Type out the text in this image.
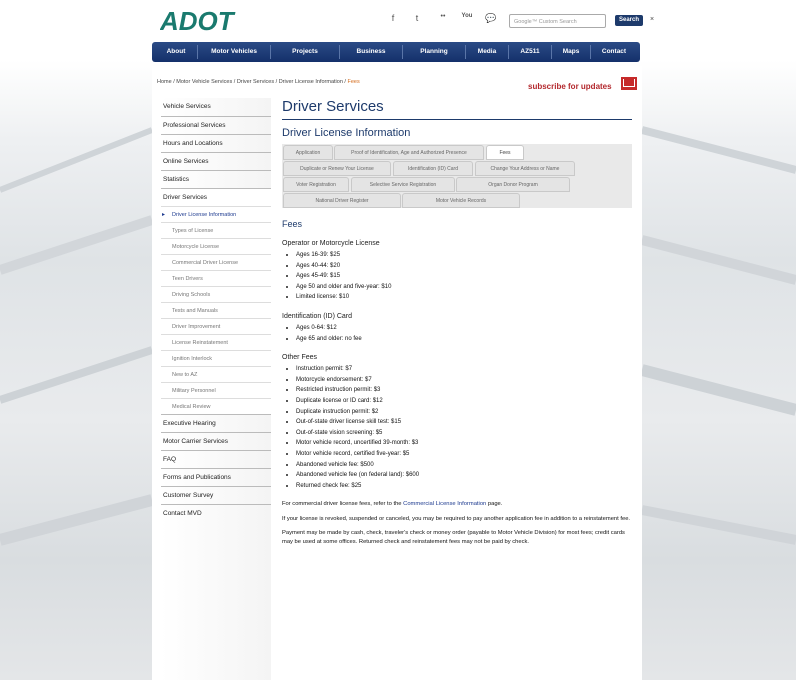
ADOT	f	t	••	You 💬	Google™ Custom Search	Search	×
About	Motor Vehicles	Projects	Business	Planning	Media	AZ511	Maps	Contact
Home / Motor Vehicle Services / Driver Services / Driver License Information / Fees	subscribe for updates
Vehicle Services
Professional Services
Hours and Locations
Online Services
Statistics
Driver Services
▸ Driver License Information
Types of License
Motorcycle License
Commercial Driver License
Teen Drivers
Driving Schools
Tests and Manuals
Driver Improvement
License Reinstatement
Ignition Interlock
New to AZ
Military Personnel
Medical Review
Executive Hearing
Motor Carrier Services
FAQ
Forms and Publications
Customer Survey
Contact MVD
Driver Services
Driver License Information
Application	Proof of Identification, Age and Authorized Presence	Fees
Duplicate or Renew Your License	Identification (ID) Card	Change Your Address or Name
Voter Registration	Selective Service Registration	Organ Donor Program
National Driver Register	Motor Vehicle Records
Fees
Operator or Motorcycle License
Ages 16-39: $25
Ages 40-44: $20
Ages 45-49: $15
Age 50 and older and five-year: $10
Limited license: $10
Identification (ID) Card
Ages 0-64: $12
Age 65 and older: no fee
Other Fees
Instruction permit: $7
Motorcycle endorsement: $7
Restricted instruction permit: $3
Duplicate license or ID card: $12
Duplicate instruction permit: $2
Out-of-state driver license skill test: $15
Out-of-state vision screening: $5
Motor vehicle record, uncertified 39-month: $3
Motor vehicle record, certified five-year: $5
Abandoned vehicle fee: $500
Abandoned vehicle fee (on federal land): $600
Returned check fee: $25
For commercial driver license fees, refer to the Commercial License Information page.
If your license is revoked, suspended or canceled, you may be required to pay another application fee in addition to a reinstatement fee.
Payment may be made by cash, check, traveler's check or money order (payable to Motor Vehicle Division) for most fees; credit cards may be used at some offices. Returned check and reinstatement fees may not be paid by check.
